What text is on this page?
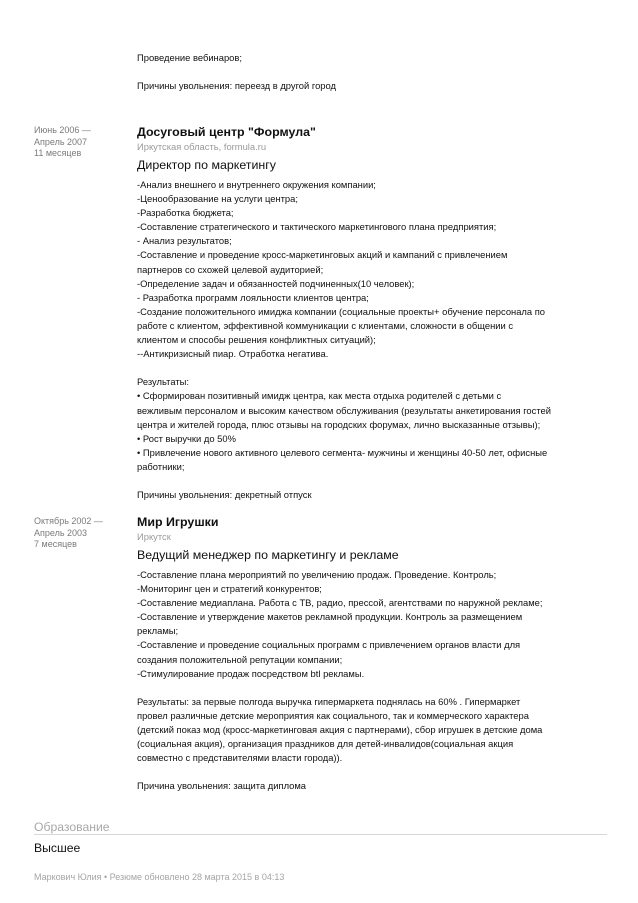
Проведение вебинаров;
Причины увольнения: переезд в другой город
Июнь 2006 —
Апрель 2007
11 месяцев

Досуговый центр "Формула"

Иркутская область, formula.ru

Директор по маркетингу

-Анализ внешнего и внутреннего окружения компании;
-Ценообразование на услуги центра;
-Разработка бюджета;
-Составление стратегического и тактического маркетингового плана предприятия;
- Анализ результатов;
-Составление и проведение кросс-маркетинговых акций и кампаний с привлечением
партнеров со схожей целевой аудиторией;
-Определение задач и обязанностей подчиненных(10 человек);
- Разработка программ лояльности клиентов центра;
-Создание положительного имиджа компании (социальные проекты+ обучение персонала по
работе с клиентом, эффективной коммуникации с клиентами, сложности в общении с
клиентом и способы решения конфликтных ситуаций);
--Антикризисный пиар. Отработка негатива.
Результаты:
• Сформирован позитивный имидж центра, как места отдыха родителей с детьми с
вежливым персоналом и высоким качеством обслуживания (результаты анкетирования гостей
центра и жителей города, плюс отзывы на городских форумах, лично высказанные отзывы);
• Рост выручки до 50%
• Привлечение нового активного целевого сегмента- мужчины и женщины 40-50 лет, офисные
работники;
Причины увольнения: декретный отпуск
Октябрь 2002 —
Апрель 2003
7 месяцев

Мир Игрушки

Иркутск

Ведущий менеджер по маркетингу и рекламе

-Составление плана мероприятий по увеличению продаж. Проведение. Контроль;
-Мониторинг цен и стратегий конкурентов;
-Составление медиаплана. Работа с ТВ, радио, прессой, агентствами по наружной рекламе;
-Составление и утверждение макетов рекламной продукции. Контроль за размещением
рекламы;
-Составление и проведение социальных программ с привлечением органов власти для
создания положительной репутации компании;
-Стимулирование продаж посредством btl рекламы.
Результаты: за первые полгода выручка гипермаркета поднялась на 60% . Гипермаркет
провел различные детские мероприятия как социального, так и коммерческого характера
(детский показ мод (кросс-маркетинговая акция с партнерами), сбор игрушек в детские дома
(социальная акция), организация праздников для детей-инвалидов(социальная акция
совместно с представителями власти города)).
Причина увольнения: защита диплома
Образование
Высшее
Маркович Юлия • Резюме обновлено 28 марта 2015 в 04:13
